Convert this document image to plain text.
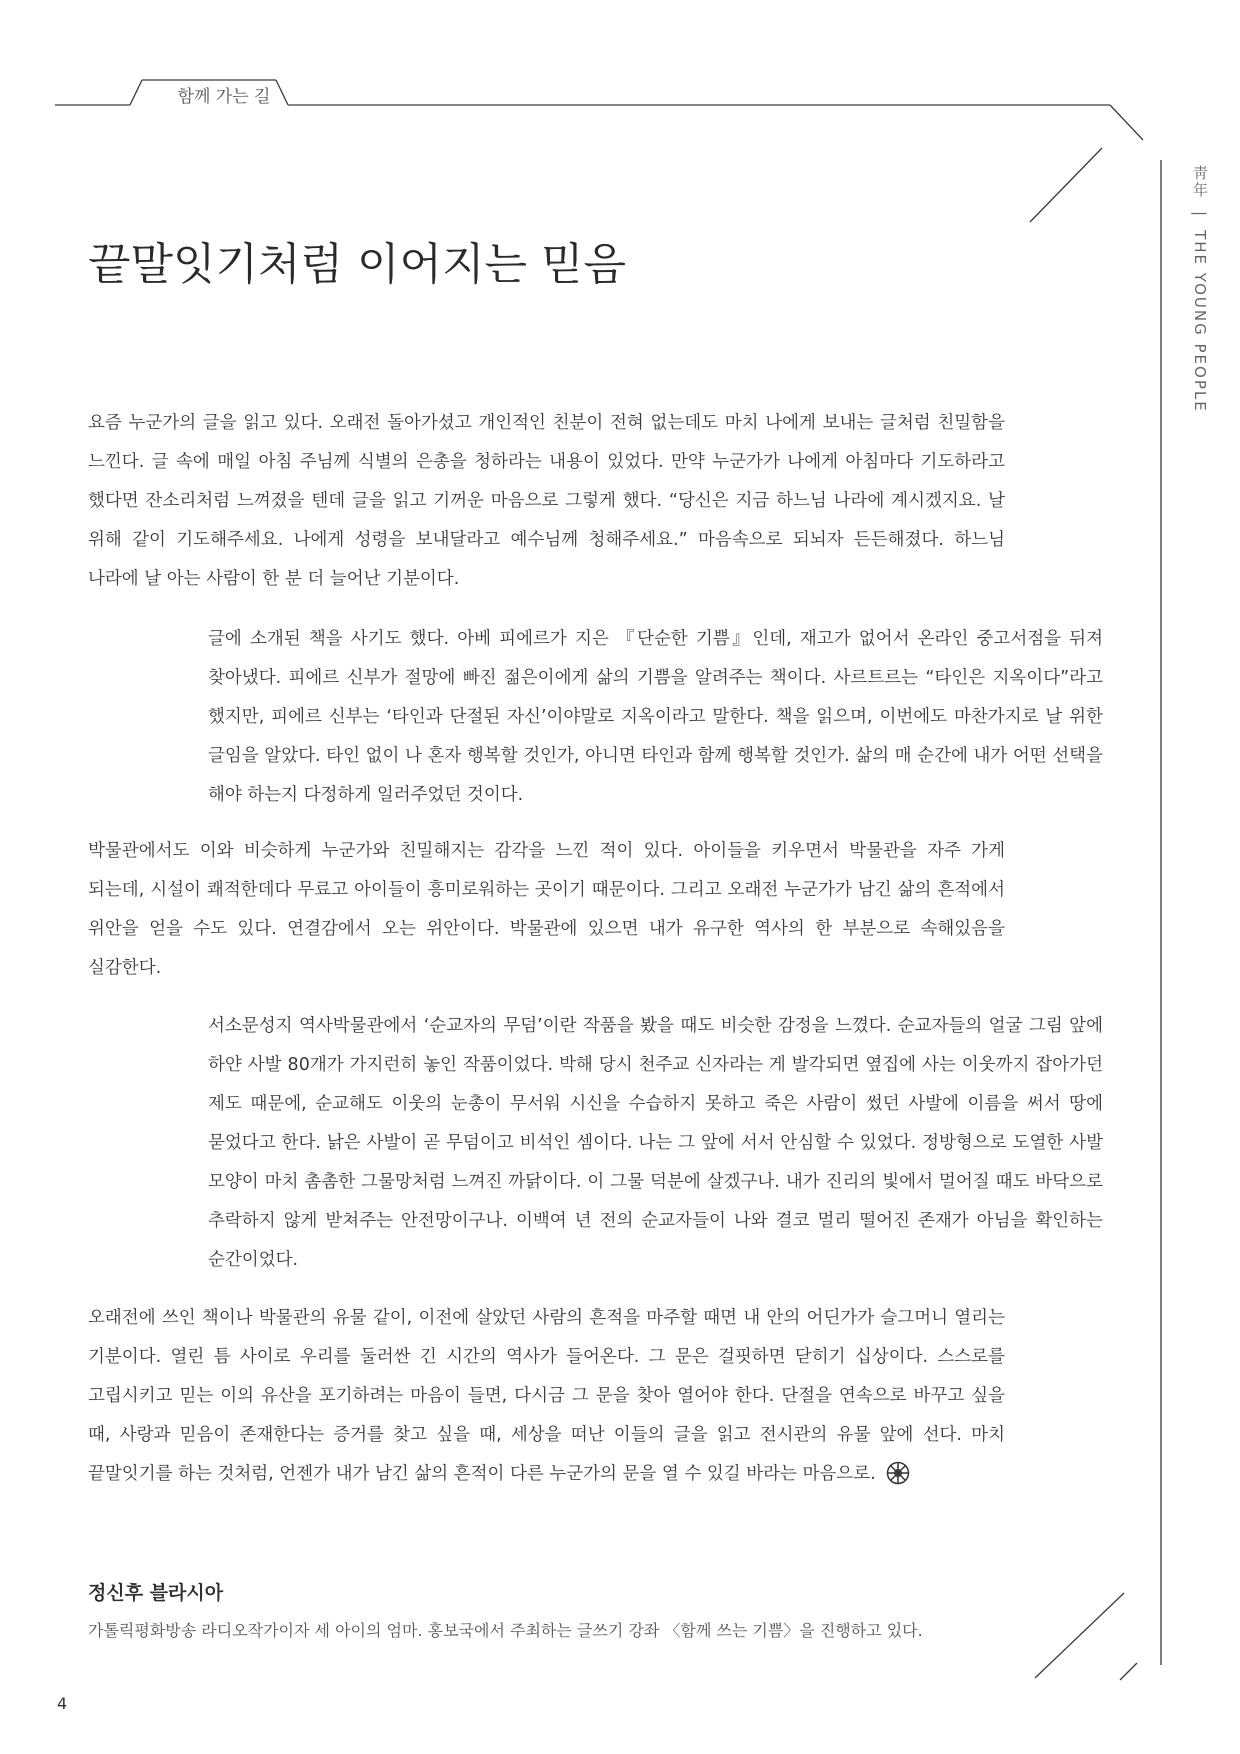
함께 가는 길
靑年|THE YOUNG PEOPLE
끝말잇기처럼 이어지는 믿음

요즘 누군가의 글을 읽고 있다. 오래전 돌아가셨고 개인적인 친분이 전혀 없는데도 마치 나에게 보내는 글처럼 친밀함을 느낀다. 글 속에 매일 아침 주님께 식별의 은총을 청하라는 내용이 있었다. 만약 누군가가 나에게 아침마다 기도하라고 했다면 잔소리처럼 느껴졌을 텐데 글을 읽고 기꺼운 마음으로 그렇게 했다. “당신은 지금 하느님 나라에 계시겠지요. 날 위해 같이 기도해주세요. 나에게 성령을 보내달라고 예수님께 청해주세요.” 마음속으로 되뇌자 든든해졌다. 하느님 나라에 날 아는 사람이 한 분 더 늘어난 기분이다.

글에 소개된 책을 사기도 했다. 아베 피에르가 지은 『단순한 기쁨』인데, 재고가 없어서 온라인 중고서점을 뒤져 찾아냈다. 피에르 신부가 절망에 빠진 젊은이에게 삶의 기쁨을 알려주는 책이다. 사르트르는 “타인은 지옥이다”라고 했지만, 피에르 신부는 ‘타인과 단절된 자신’이야말로 지옥이라고 말한다. 책을 읽으며, 이번에도 마찬가지로 날 위한 글임을 알았다. 타인 없이 나 혼자 행복할 것인가, 아니면 타인과 함께 행복할 것인가. 삶의 매 순간에 내가 어떤 선택을 해야 하는지 다정하게 일러주었던 것이다.

박물관에서도 이와 비슷하게 누군가와 친밀해지는 감각을 느낀 적이 있다. 아이들을 키우면서 박물관을 자주 가게 되는데, 시설이 쾌적한데다 무료고 아이들이 흥미로워하는 곳이기 때문이다. 그리고 오래전 누군가가 남긴 삶의 흔적에서 위안을 얻을 수도 있다. 연결감에서 오는 위안이다. 박물관에 있으면 내가 유구한 역사의 한 부분으로 속해있음을 실감한다.

서소문성지 역사박물관에서 ‘순교자의 무덤’이란 작품을 봤을 때도 비슷한 감정을 느꼈다. 순교자들의 얼굴 그림 앞에 하얀 사발 80개가 가지런히 놓인 작품이었다. 박해 당시 천주교 신자라는 게 발각되면 옆집에 사는 이웃까지 잡아가던 제도 때문에, 순교해도 이웃의 눈총이 무서워 시신을 수습하지 못하고 죽은 사람이 썼던 사발에 이름을 써서 땅에 묻었다고 한다. 낡은 사발이 곧 무덤이고 비석인 셈이다. 나는 그 앞에 서서 안심할 수 있었다. 정방형으로 도열한 사발 모양이 마치 촘촘한 그물망처럼 느껴진 까닭이다. 이 그물 덕분에 살겠구나. 내가 진리의 빛에서 멀어질 때도 바닥으로 추락하지 않게 받쳐주는 안전망이구나. 이백여 년 전의 순교자들이 나와 결코 멀리 떨어진 존재가 아님을 확인하는 순간이었다.

오래전에 쓰인 책이나 박물관의 유물 같이, 이전에 살았던 사람의 흔적을 마주할 때면 내 안의 어딘가가 슬그머니 열리는 기분이다. 열린 틈 사이로 우리를 둘러싼 긴 시간의 역사가 들어온다. 그 문은 걸핏하면 닫히기 십상이다. 스스로를 고립시키고 믿는 이의 유산을 포기하려는 마음이 들면, 다시금 그 문을 찾아 열어야 한다. 단절을 연속으로 바꾸고 싶을 때, 사랑과 믿음이 존재한다는 증거를 찾고 싶을 때, 세상을 떠난 이들의 글을 읽고 전시관의 유물 앞에 선다. 마치 끝말잇기를 하는 것처럼, 언젠가 내가 남긴 삶의 흔적이 다른 누군가의 문을 열 수 있길 바라는 마음으로.

정신후 블라시아

가톨릭평화방송 라디오작가이자 세 아이의 엄마. 홍보국에서 주최하는 글쓰기 강좌 〈함께 쓰는 기쁨〉을 진행하고 있다.

4
